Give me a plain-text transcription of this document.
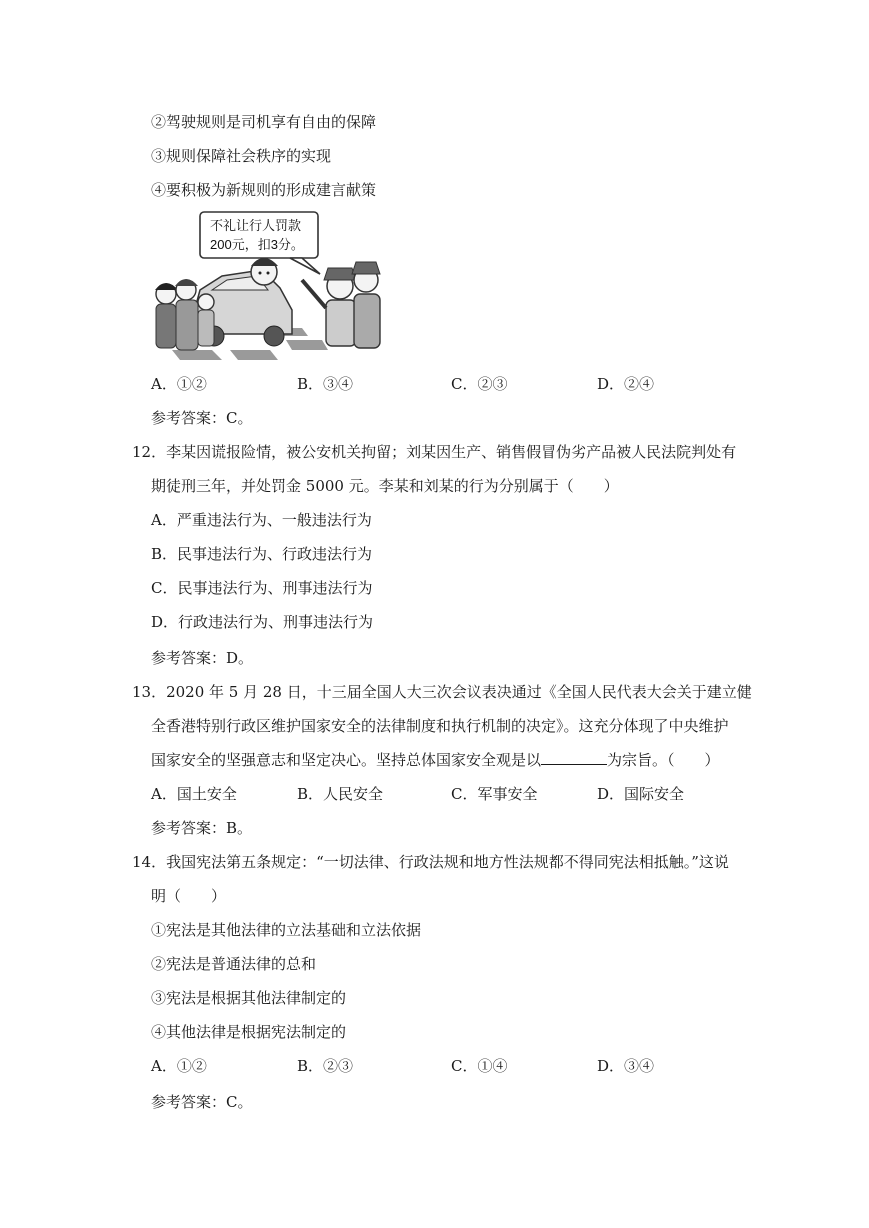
②驾驶规则是司机享有自由的保障
③规则保障社会秩序的实现
④要积极为新规则的形成建言献策
不礼让行人罚款
200元，扣3分。
A．①②	B．③④	C．②③	D．②④
参考答案：C。
12．李某因谎报险情，被公安机关拘留；刘某因生产、销售假冒伪劣产品被人民法院判处有
期徒刑三年，并处罚金 5000 元。李某和刘某的行为分别属于（　　）
A．严重违法行为、一般违法行为
B．民事违法行为、行政违法行为
C．民事违法行为、刑事违法行为
D．行政违法行为、刑事违法行为
参考答案：D。
13．2020 年 5 月 28 日，十三届全国人大三次会议表决通过《全国人民代表大会关于建立健
全香港特别行政区维护国家安全的法律制度和执行机制的决定》。这充分体现了中央维护
国家安全的坚强意志和坚定决心。坚持总体国家安全观是以	为宗旨。（　　）
A．国土安全	B．人民安全	C．军事安全	D．国际安全
参考答案：B。
14．我国宪法第五条规定：“一切法律、行政法规和地方性法规都不得同宪法相抵触。”这说
明（　　）
①宪法是其他法律的立法基础和立法依据
②宪法是普通法律的总和
③宪法是根据其他法律制定的
④其他法律是根据宪法制定的
A．①②	B．②③	C．①④	D．③④
参考答案：C。
